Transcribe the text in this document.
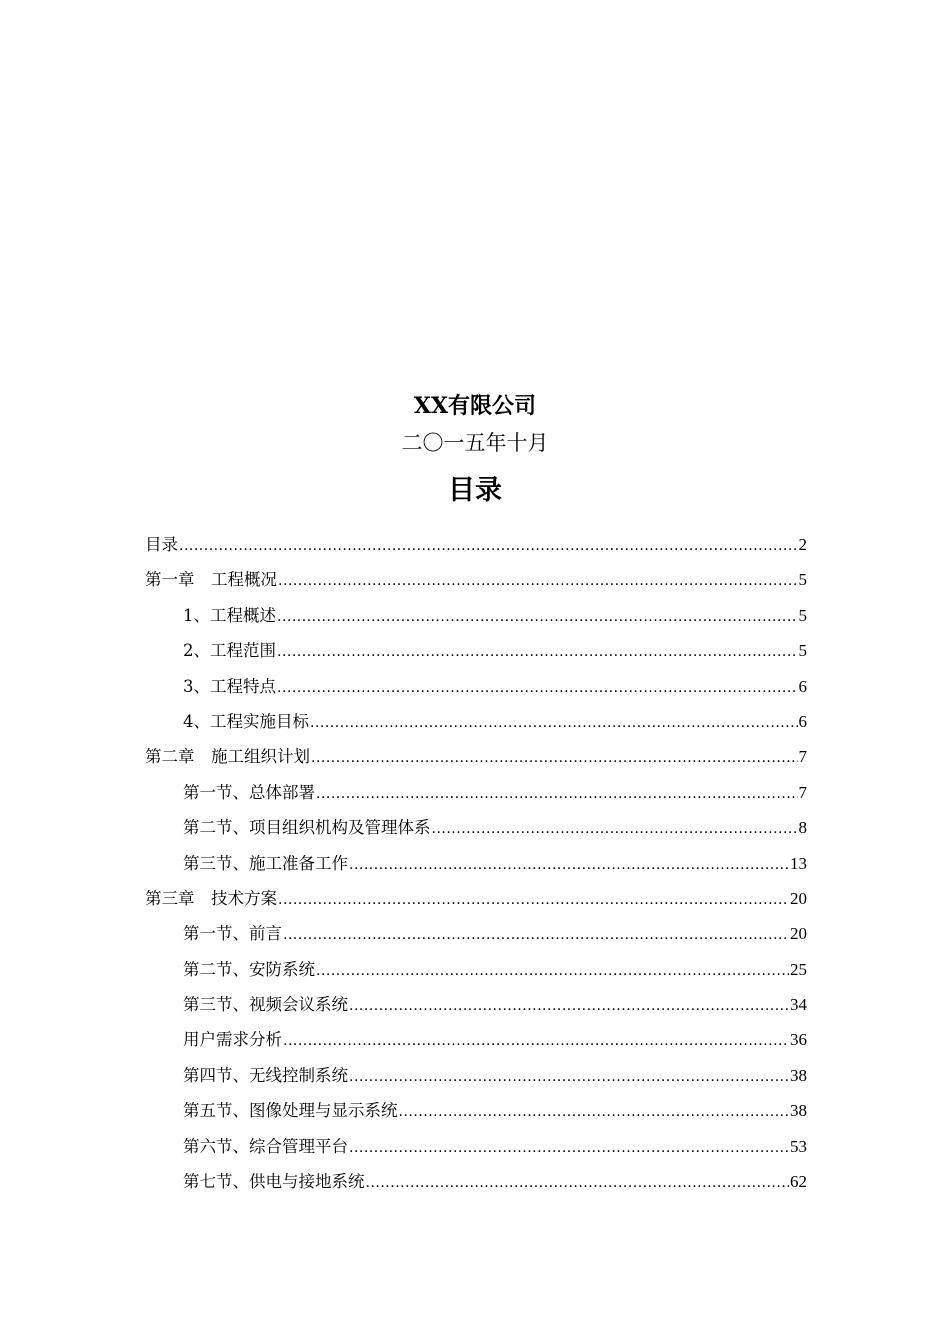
XX有限公司
二〇一五年十月
目录
目录 .....	2
第一章　工程概况 .....	5
1、工程概述 .....	5
2、工程范围 .....	5
3、工程特点 .....	6
4、工程实施目标 .....	6
第二章　施工组织计划 .....	7
第一节、总体部署 .....	7
第二节、项目组织机构及管理体系 .....	8
第三节、施工准备工作 .....	13
第三章　技术方案 .....	20
第一节、前言 .....	20
第二节、安防系统 .....	25
第三节、视频会议系统 .....	34
用户需求分析 .....	36
第四节、无线控制系统 .....	38
第五节、图像处理与显示系统 .....	38
第六节、综合管理平台 .....	53
第七节、供电与接地系统 .....	62
